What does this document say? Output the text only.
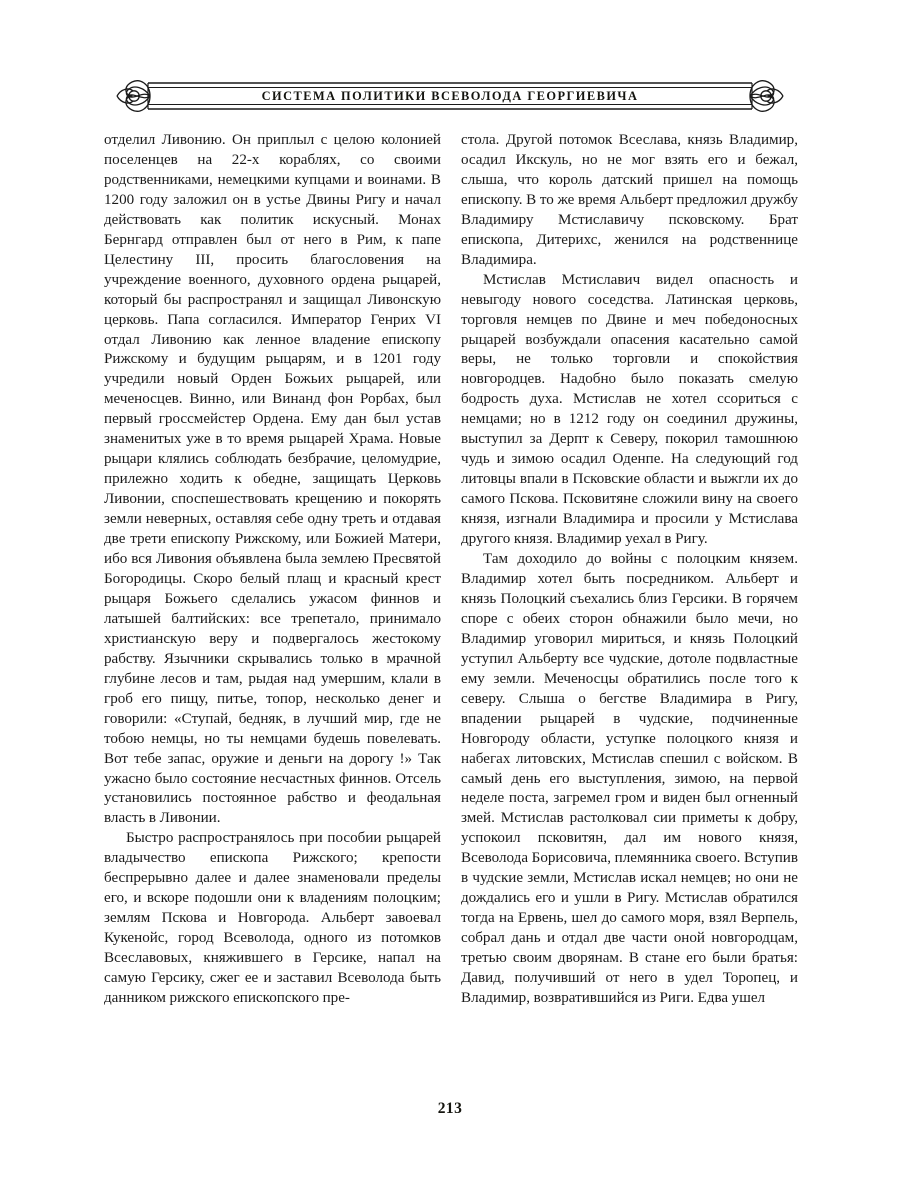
СИСТЕМА ПОЛИТИКИ ВСЕВОЛОДА ГЕОРГИЕВИЧА

отделил Ливонию. Он приплыл с целою колонией поселенцев на 22-х кораблях, со своими родственниками, немецкими купцами и воинами. В 1200 году заложил он в устье Двины Ригу и начал действовать как политик искусный. Монах Бернгард отправлен был от него в Рим, к папе Целестину III, просить благословения на учреждение военного, духовного ордена рыцарей, который бы распространял и защищал Ливонскую церковь. Папа согласился. Император Генрих VI отдал Ливонию как ленное владение епископу Рижскому и будущим рыцарям, и в 1201 году учредили новый Орден Божьих рыцарей, или меченосцев. Винно, или Винанд фон Рорбах, был первый гроссмейстер Ордена. Ему дан был устав знаменитых уже в то время рыцарей Храма. Новые рыцари клялись соблюдать безбрачие, целомудрие, прилежно ходить к обедне, защищать Церковь Ливонии, споспешествовать крещению и покорять земли неверных, оставляя себе одну треть и отдавая две трети епископу Рижскому, или Божией Матери, ибо вся Ливония объявлена была землею Пресвятой Богородицы. Скоро белый плащ и красный крест рыцаря Божьего сделались ужасом финнов и латышей балтийских: все трепетало, принимало христианскую веру и подвергалось жестокому рабству. Язычники скрывались только в мрачной глубине лесов и там, рыдая над умершим, клали в гроб его пищу, питье, топор, несколько денег и говорили: «Ступай, бедняк, в лучший мир, где не тобою немцы, но ты немцами будешь повелевать. Вот тебе запас, оружие и деньги на дорогу !» Так ужасно было состояние несчастных финнов. Отсель установились постоянное рабство и феодальная власть в Ливонии.

Быстро распространялось при пособии рыцарей владычество епископа Рижского; крепости беспрерывно далее и далее знаменовали пределы его, и вскоре подошли они к владениям полоцким; землям Пскова и Новгорода. Альберт завоевал Кукенойс, город Всеволода, одного из потомков Всеславовых, княжившего в Герсике, напал на самую Герсику, сжег ее и заставил Всеволода быть данником рижского епископского пре-

стола. Другой потомок Всеслава, князь Владимир, осадил Икскуль, но не мог взять его и бежал, слыша, что король датский пришел на помощь епископу. В то же время Альберт предложил дружбу Владимиру Мстиславичу псковскому. Брат епископа, Дитерихс, женился на родственнице Владимира.

Мстислав Мстиславич видел опасность и невыгоду нового соседства. Латинская церковь, торговля немцев по Двине и меч победоносных рыцарей возбуждали опасения касательно самой веры, не только торговли и спокойствия новгородцев. Надобно было показать смелую бодрость духа. Мстислав не хотел ссориться с немцами; но в 1212 году он соединил дружины, выступил за Дерпт к Северу, покорил тамошнюю чудь и зимою осадил Оденпе. На следующий год литовцы впали в Псковские области и выжгли их до самого Пскова. Псковитяне сложили вину на своего князя, изгнали Владимира и просили у Мстислава другого князя. Владимир уехал в Ригу.

Там доходило до войны с полоцким князем. Владимир хотел быть посредником. Альберт и князь Полоцкий съехались близ Герсики. В горячем споре с обеих сторон обнажили было мечи, но Владимир уговорил мириться, и князь Полоцкий уступил Альберту все чудские, дотоле подвластные ему земли. Меченосцы обратились после того к северу. Слыша о бегстве Владимира в Ригу, впадении рыцарей в чудские, подчиненные Новгороду области, уступке полоцкого князя и набегах литовских, Мстислав спешил с войском. В самый день его выступления, зимою, на первой неделе поста, загремел гром и виден был огненный змей. Мстислав растолковал сии приметы к добру, успокоил псковитян, дал им нового князя, Всеволода Борисовича, племянника своего. Вступив в чудские земли, Мстислав искал немцев; но они не дождались его и ушли в Ригу. Мстислав обратился тогда на Ервень, шел до самого моря, взял Верпель, собрал дань и отдал две части оной новгородцам, третью своим дворянам. В стане его были братья: Давид, получивший от него в удел Торопец, и Владимир, возвратившийся из Риги. Едва ушел

213
